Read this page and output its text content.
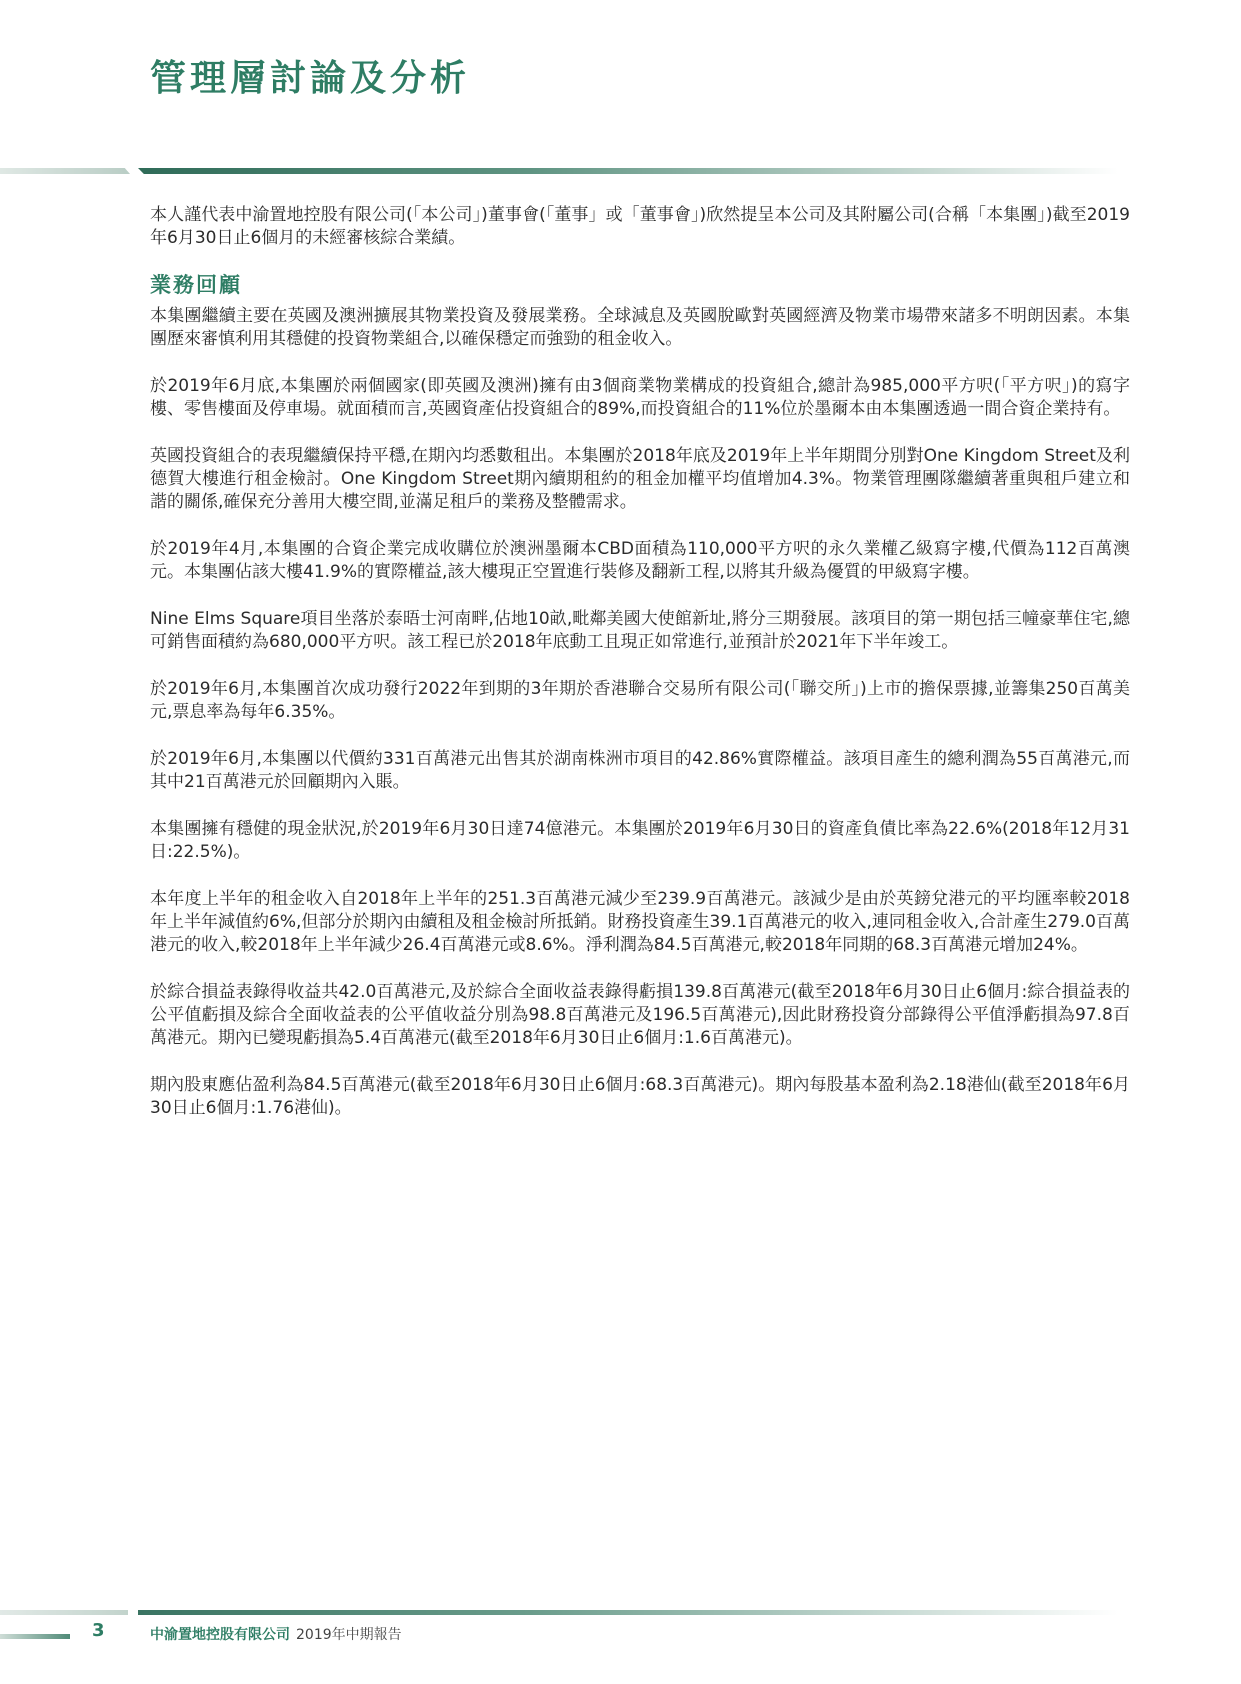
管理層討論及分析

本人謹代表中渝置地控股有限公司(「本公司」)董事會(「董事」或「董事會」)欣然提呈本公司及其附屬公司(合稱「本集團」)截至2019年6月30日止6個月的未經審核綜合業績。

業務回顧

本集團繼續主要在英國及澳洲擴展其物業投資及發展業務。全球減息及英國脫歐對英國經濟及物業市場帶來諸多不明朗因素。本集團歷來審慎利用其穩健的投資物業組合,以確保穩定而強勁的租金收入。

於2019年6月底,本集團於兩個國家(即英國及澳洲)擁有由3個商業物業構成的投資組合,總計為985,000平方呎(「平方呎」)的寫字樓、零售樓面及停車場。就面積而言,英國資產佔投資組合的89%,而投資組合的11%位於墨爾本由本集團透過一間合資企業持有。

英國投資組合的表現繼續保持平穩,在期內均悉數租出。本集團於2018年底及2019年上半年期間分別對One Kingdom Street及利德賀大樓進行租金檢討。One Kingdom Street期內續期租約的租金加權平均值增加4.3%。物業管理團隊繼續著重與租戶建立和諧的關係,確保充分善用大樓空間,並滿足租戶的業務及整體需求。

於2019年4月,本集團的合資企業完成收購位於澳洲墨爾本CBD面積為110,000平方呎的永久業權乙級寫字樓,代價為112百萬澳元。本集團佔該大樓41.9%的實際權益,該大樓現正空置進行裝修及翻新工程,以將其升級為優質的甲級寫字樓。

Nine Elms Square項目坐落於泰晤士河南畔,佔地10畝,毗鄰美國大使館新址,將分三期發展。該項目的第一期包括三幢豪華住宅,總可銷售面積約為680,000平方呎。該工程已於2018年底動工且現正如常進行,並預計於2021年下半年竣工。

於2019年6月,本集團首次成功發行2022年到期的3年期於香港聯合交易所有限公司(「聯交所」)上市的擔保票據,並籌集250百萬美元,票息率為每年6.35%。

於2019年6月,本集團以代價約331百萬港元出售其於湖南株洲市項目的42.86%實際權益。該項目產生的總利潤為55百萬港元,而其中21百萬港元於回顧期內入賬。

本集團擁有穩健的現金狀況,於2019年6月30日達74億港元。本集團於2019年6月30日的資產負債比率為22.6%(2018年12月31日:22.5%)。

本年度上半年的租金收入自2018年上半年的251.3百萬港元減少至239.9百萬港元。該減少是由於英鎊兌港元的平均匯率較2018年上半年減值約6%,但部分於期內由續租及租金檢討所抵銷。財務投資產生39.1百萬港元的收入,連同租金收入,合計產生279.0百萬港元的收入,較2018年上半年減少26.4百萬港元或8.6%。淨利潤為84.5百萬港元,較2018年同期的68.3百萬港元增加24%。

於綜合損益表錄得收益共42.0百萬港元,及於綜合全面收益表錄得虧損139.8百萬港元(截至2018年6月30日止6個月:綜合損益表的公平值虧損及綜合全面收益表的公平值收益分別為98.8百萬港元及196.5百萬港元),因此財務投資分部錄得公平值淨虧損為97.8百萬港元。期內已變現虧損為5.4百萬港元(截至2018年6月30日止6個月:1.6百萬港元)。

期內股東應佔盈利為84.5百萬港元(截至2018年6月30日止6個月:68.3百萬港元)。期內每股基本盈利為2.18港仙(截至2018年6月30日止6個月:1.76港仙)。

3	中渝置地控股有限公司 2019年中期報告
